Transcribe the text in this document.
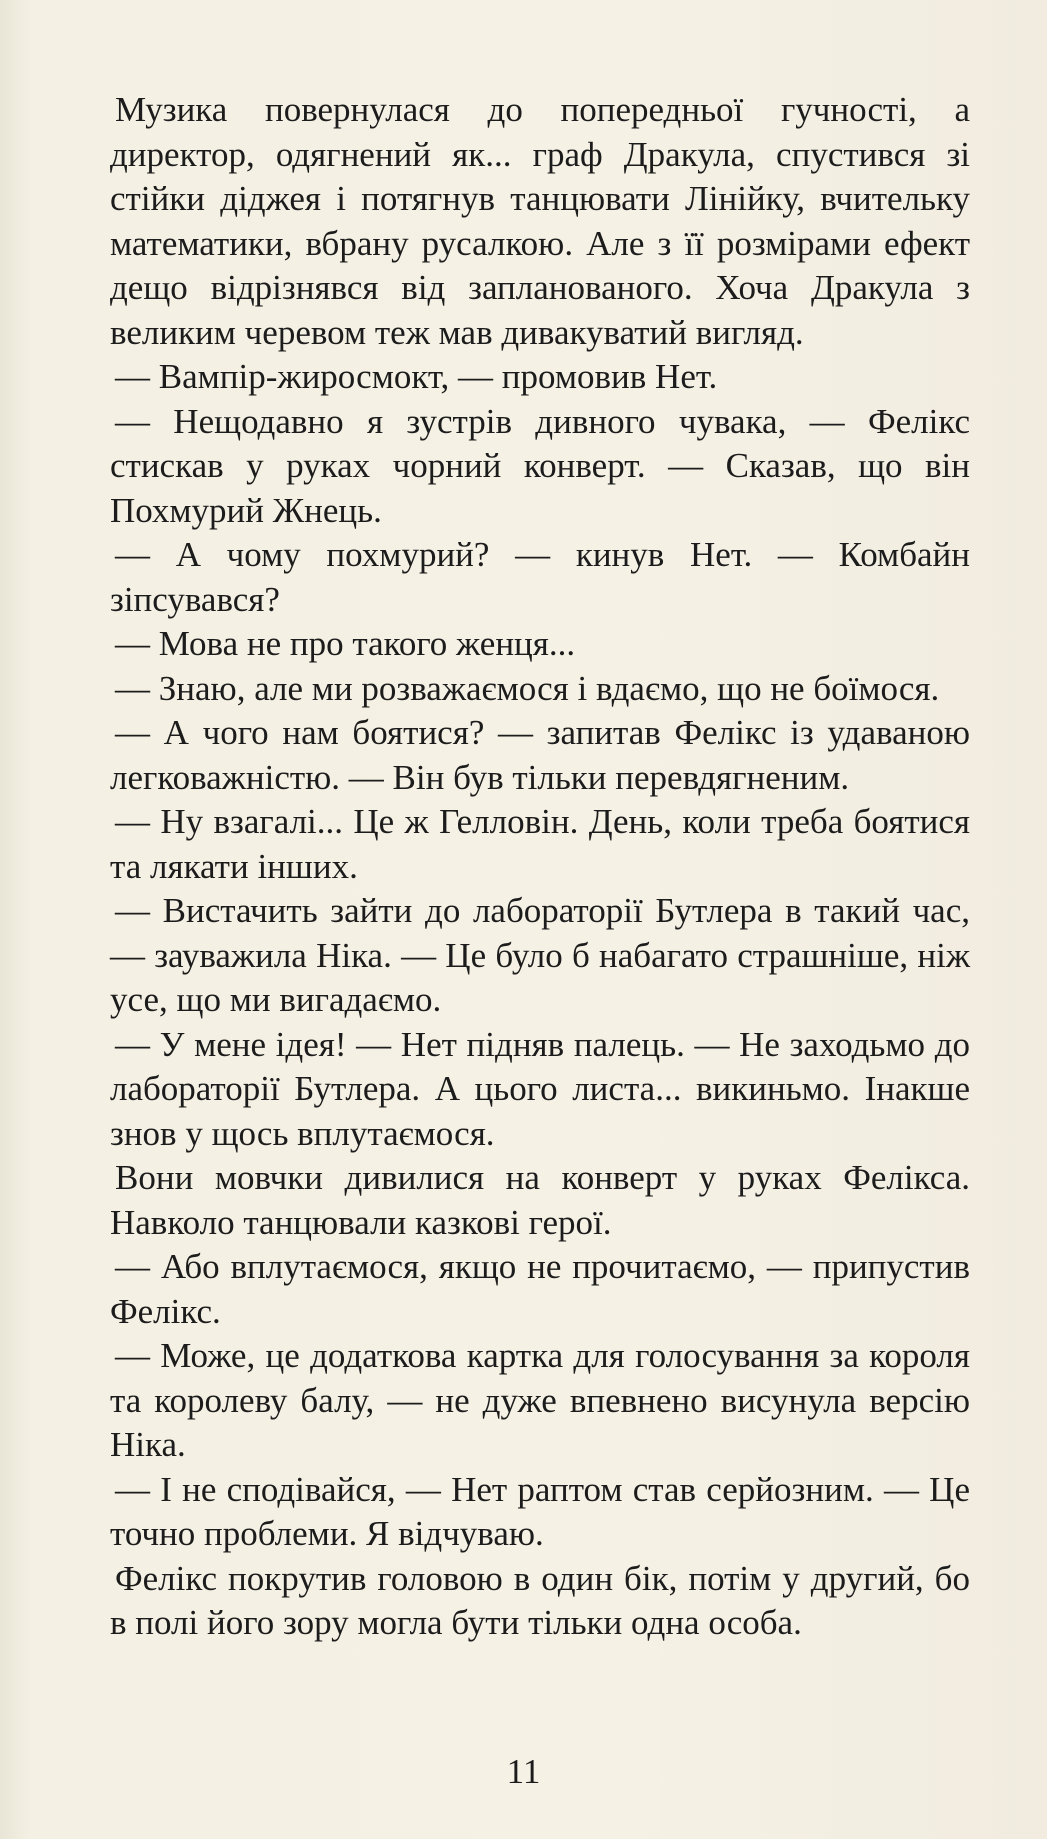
Музика повернулася до попередньої гучності, а директор, одягнений як... граф Дракула, спустився зі стійки діджея і потягнув танцювати Лінійку, вчительку математики, вбрану русалкою. Але з її розмірами ефект дещо відрізнявся від запланованого. Хоча Дракула з великим черевом теж мав дивакуватий вигляд.

— Вампір-жиросмокт, — промовив Нет.

— Нещодавно я зустрів дивного чувака, — Фелікс стискав у руках чорний конверт. — Сказав, що він Похмурий Жнець.

— А чому похмурий? — кинув Нет. — Комбайн зіпсувався?

— Мова не про такого женця...

— Знаю, але ми розважаємося і вдаємо, що не боїмося.

— А чого нам боятися? — запитав Фелікс із удаваною легковажністю. — Він був тільки перевдягненим.

— Ну взагалі... Це ж Гелловін. День, коли треба боятися та лякати інших.

— Вистачить зайти до лабораторії Бутлера в такий час, — зауважила Ніка. — Це було б набагато страшніше, ніж усе, що ми вигадаємо.

— У мене ідея! — Нет підняв палець. — Не заходьмо до лабораторії Бутлера. А цього листа... викиньмо. Інакше знов у щось вплутаємося.

Вони мовчки дивилися на конверт у руках Фелікса. Навколо танцювали казкові герої.

— Або вплутаємося, якщо не прочитаємо, — припустив Фелікс.

— Може, це додаткова картка для голосування за короля та королеву балу, — не дуже впевнено висунула версію Ніка.

— І не сподівайся, — Нет раптом став серйозним. — Це точно проблеми. Я відчуваю.

Фелікс покрутив головою в один бік, потім у другий, бо в полі його зору могла бути тільки одна особа.

11
